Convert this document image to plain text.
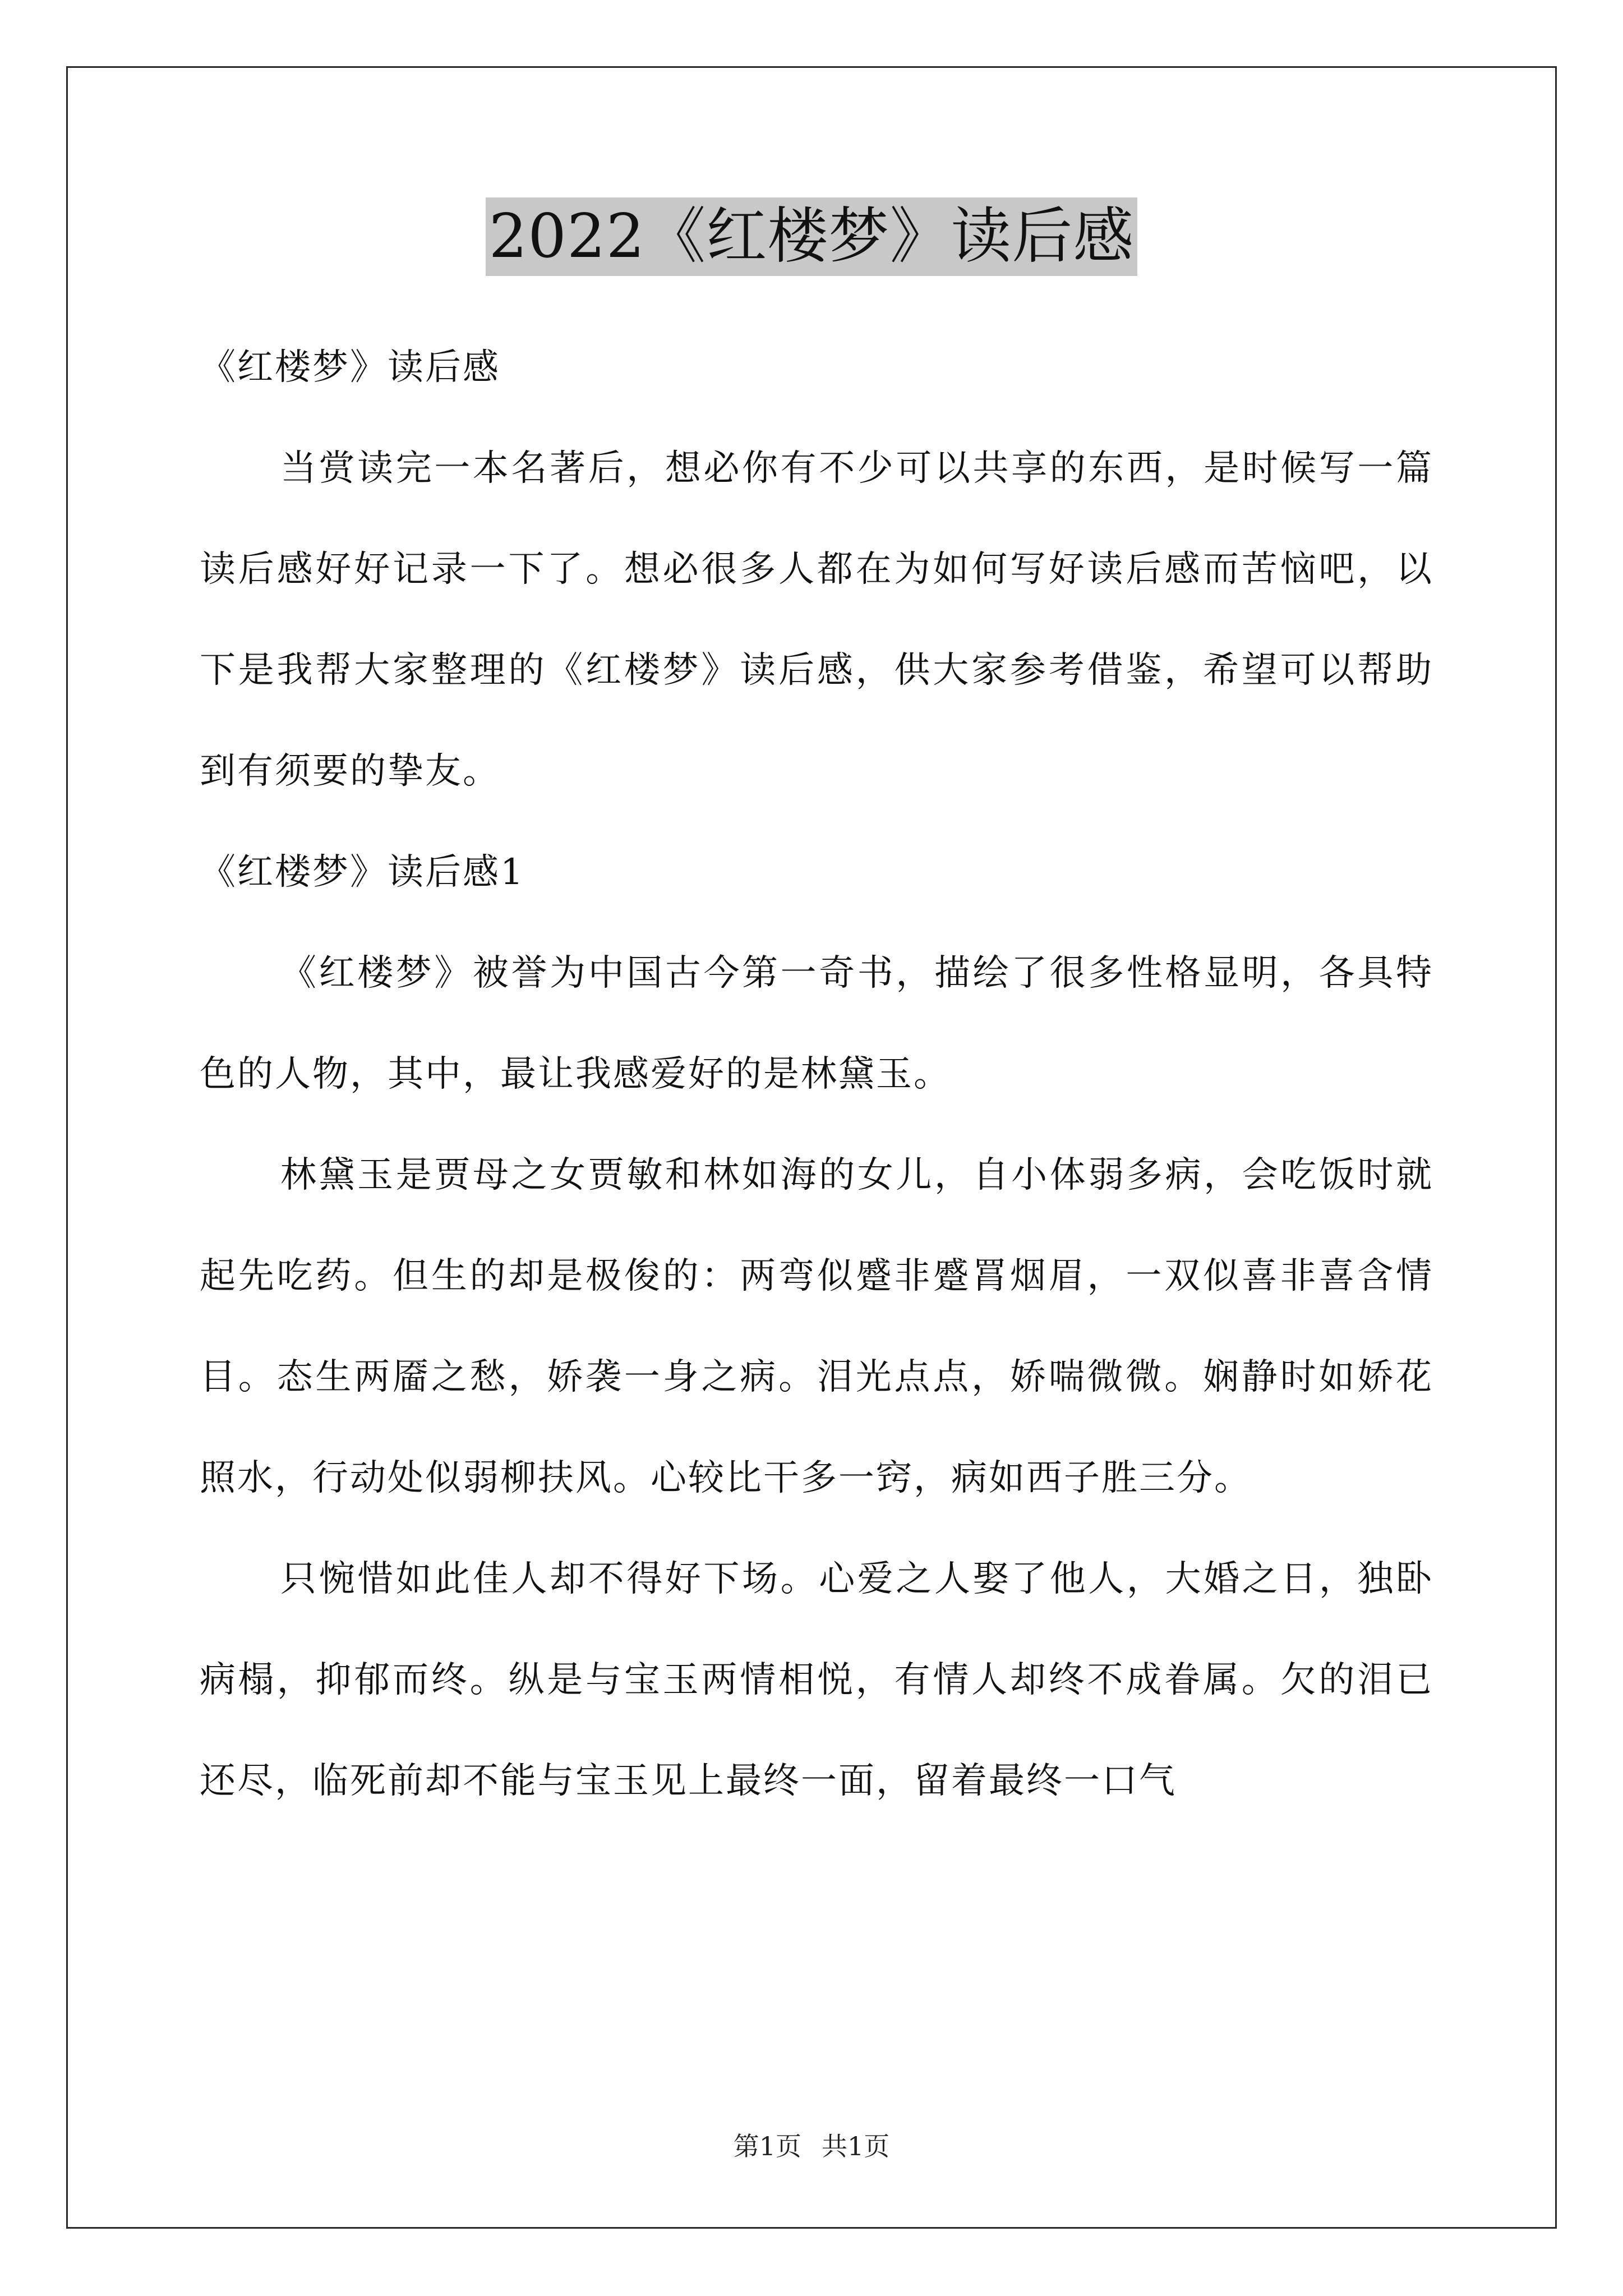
2022《红楼梦》读后感

《红楼梦》读后感

当赏读完一本名著后，想必你有不少可以共享的东西，是时候写一篇读后感好好记录一下了。想必很多人都在为如何写好读后感而苦恼吧，以下是我帮大家整理的《红楼梦》读后感，供大家参考借鉴，希望可以帮助到有须要的挚友。

《红楼梦》读后感1

《红楼梦》被誉为中国古今第一奇书，描绘了很多性格显明，各具特色的人物，其中，最让我感爱好的是林黛玉。

林黛玉是贾母之女贾敏和林如海的女儿，自小体弱多病，会吃饭时就起先吃药。但生的却是极俊的：两弯似蹙非蹙罥烟眉，一双似喜非喜含情目。态生两靥之愁，娇袭一身之病。泪光点点，娇喘微微。娴静时如娇花照水，行动处似弱柳扶风。心较比干多一窍，病如西子胜三分。

只惋惜如此佳人却不得好下场。心爱之人娶了他人，大婚之日，独卧病榻，抑郁而终。纵是与宝玉两情相悦，有情人却终不成眷属。欠的泪已还尽，临死前却不能与宝玉见上最终一面，留着最终一口气

第1页 共1页
